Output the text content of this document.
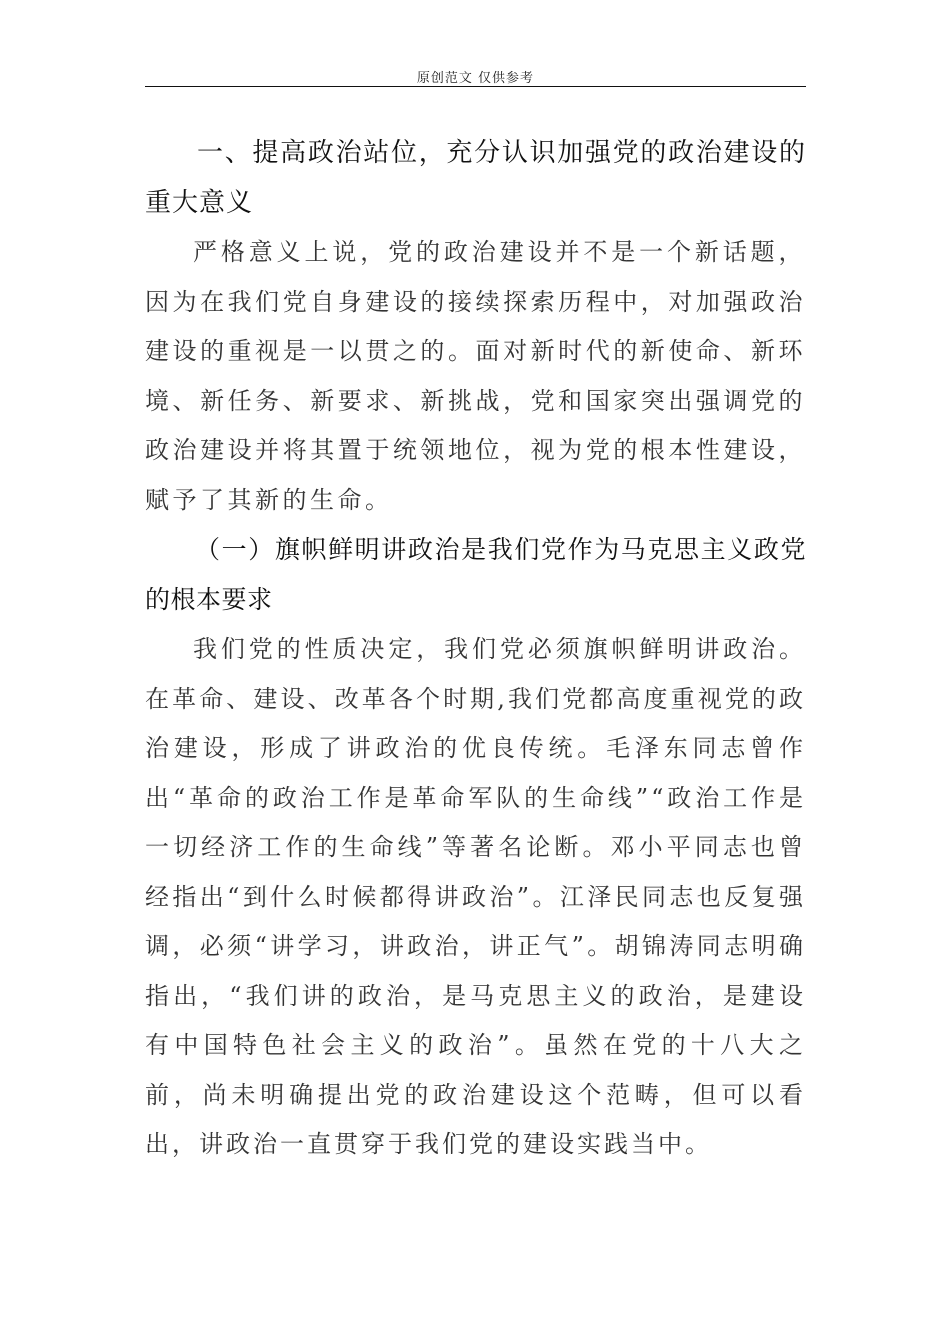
原创范文 仅供参考

一、提高政治站位，充分认识加强党的政治建设的重大意义

严格意义上说，党的政治建设并不是一个新话题，因为在我们党自身建设的接续探索历程中，对加强政治建设的重视是一以贯之的。面对新时代的新使命、新环境、新任务、新要求、新挑战，党和国家突出强调党的政治建设并将其置于统领地位，视为党的根本性建设，赋予了其新的生命。

（一）旗帜鲜明讲政治是我们党作为马克思主义政党的根本要求

我们党的性质决定，我们党必须旗帜鲜明讲政治。在革命、建设、改革各个时期,我们党都高度重视党的政治建设，形成了讲政治的优良传统。毛泽东同志曾作出“革命的政治工作是革命军队的生命线”“政治工作是一切经济工作的生命线”等著名论断。邓小平同志也曾经指出“到什么时候都得讲政治”。江泽民同志也反复强调，必须“讲学习，讲政治，讲正气”。胡锦涛同志明确指出，“我们讲的政治，是马克思主义的政治，是建设有中国特色社会主义的政治”。虽然在党的十八大之前，尚未明确提出党的政治建设这个范畴，但可以看出，讲政治一直贯穿于我们党的建设实践当中。
